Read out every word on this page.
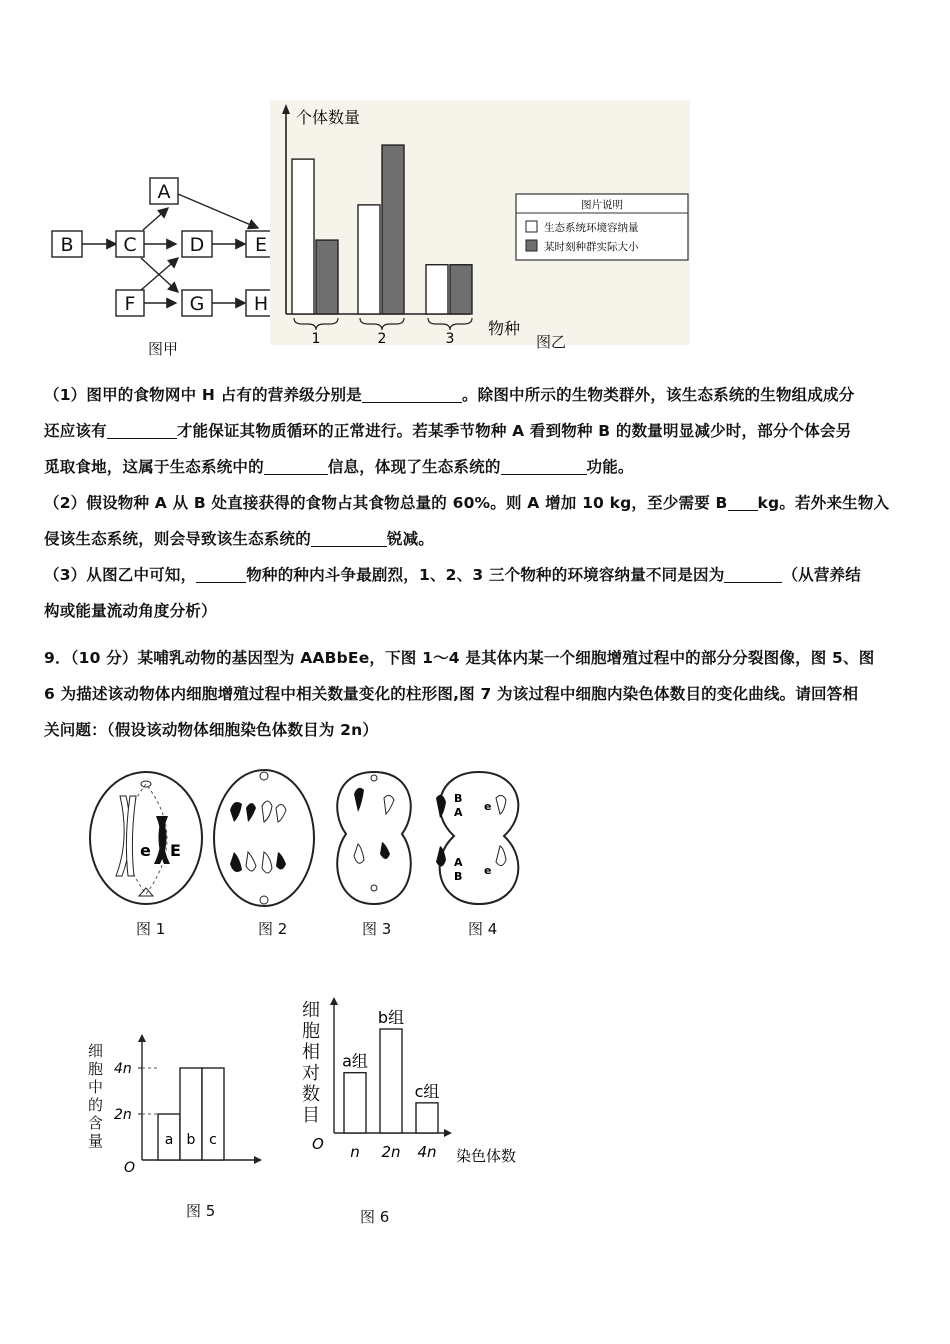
A
B	C	D	E
F	G	H
图甲
个体数量
物种
1	2	3
图片说明
生态系统环境容纳量
某时刻种群实际大小
图乙
（1）图甲的食物网中 H 占有的营养级分别是	。除图中所示的生物类群外，该生态系统的生物组成成分
还应该有	才能保证其物质循环的正常进行。若某季节物种 A 看到物种 B 的数量明显减少时，部分个体会另
觅取食地，这属于生态系统中的	信息，体现了生态系统的	功能。
（2）假设物种 A 从 B 处直接获得的食物占其食物总量的 60%。则 A 增加 10 kg，至少需要 B kg。若外来生物入
侵该生态系统，则会导致该生态系统的	锐减。
（3）从图乙中可知，	物种的种内斗争最剧烈，1、2、3 三个物种的环境容纳量不同是因为	（从营养结
构或能量流动角度分析）
9．（10 分）某哺乳动物的基因型为 AABbEe，下图 1～4 是其体内某一个细胞增殖过程中的部分分裂图像，图 5、图
6 为描述该动物体内细胞增殖过程中相关数量变化的柱形图,图 7 为该过程中细胞内染色体数目的变化曲线。请回答相
关问题：（假设该动物体细胞染色体数目为 2n）
e E
B
A e
A
B e
图 1	图 2	图 3	图 4
细胞中的含量
O
2n
4n
a b c
图 5
细胞相对数目
O
染色体数
a组
n
b组
2n
c组
4n
图 6
